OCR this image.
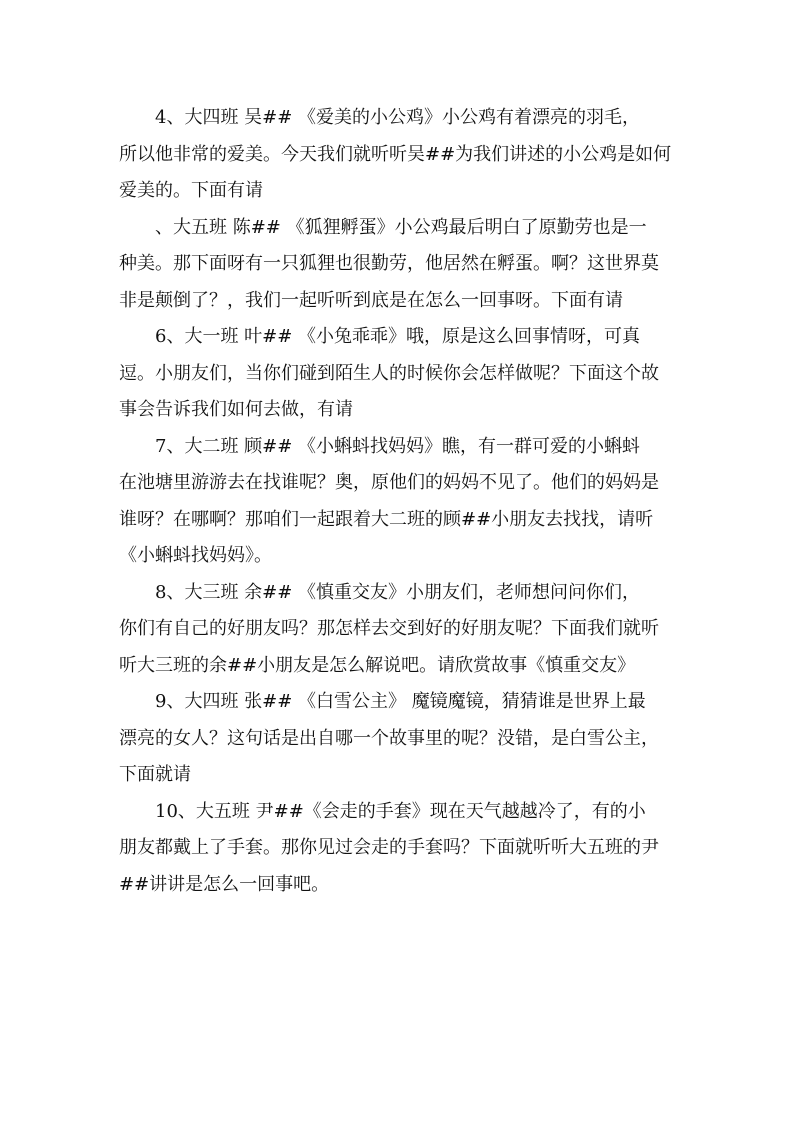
4、大四班 吴## 《爱美的小公鸡》小公鸡有着漂亮的羽毛，
所以他非常的爱美。今天我们就听听吴##为我们讲述的小公鸡是如何
爱美的。下面有请

、大五班 陈## 《狐狸孵蛋》小公鸡最后明白了原勤劳也是一
种美。那下面呀有一只狐狸也很勤劳，他居然在孵蛋。啊？这世界莫
非是颠倒了？，我们一起听听到底是在怎么一回事呀。下面有请

6、大一班 叶## 《小兔乖乖》哦，原是这么回事情呀，可真
逗。小朋友们，当你们碰到陌生人的时候你会怎样做呢？下面这个故
事会告诉我们如何去做，有请

7、大二班 顾## 《小蝌蚪找妈妈》瞧，有一群可爱的小蝌蚪
在池塘里游游去在找谁呢？奥，原他们的妈妈不见了。他们的妈妈是
谁呀？在哪啊？那咱们一起跟着大二班的顾##小朋友去找找，请听
《小蝌蚪找妈妈》。

8、大三班 余## 《慎重交友》小朋友们，老师想问问你们，
你们有自己的好朋友吗？那怎样去交到好的好朋友呢？下面我们就听
听大三班的余##小朋友是怎么解说吧。请欣赏故事《慎重交友》

9、大四班 张## 《白雪公主》 魔镜魔镜，猜猜谁是世界上最
漂亮的女人？这句话是出自哪一个故事里的呢？没错，是白雪公主，
下面就请

10、大五班 尹##《会走的手套》现在天气越越冷了，有的小
朋友都戴上了手套。那你见过会走的手套吗？下面就听听大五班的尹
##讲讲是怎么一回事吧。
